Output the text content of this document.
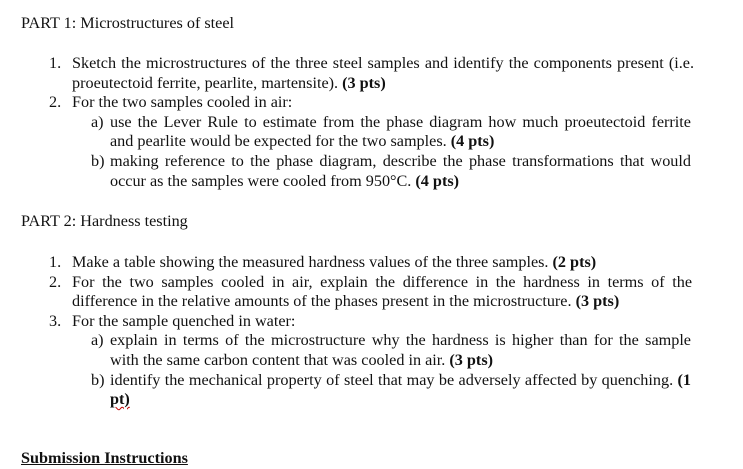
PART 1: Microstructures of steel
1. Sketch the microstructures of the three steel samples and identify the components present (i.e. proeutectoid ferrite, pearlite, martensite). (3 pts)
2. For the two samples cooled in air:
a) use the Lever Rule to estimate from the phase diagram how much proeutectoid ferrite and pearlite would be expected for the two samples. (4 pts)
b) making reference to the phase diagram, describe the phase transformations that would occur as the samples were cooled from 950°C. (4 pts)
PART 2: Hardness testing
1. Make a table showing the measured hardness values of the three samples. (2 pts)
2. For the two samples cooled in air, explain the difference in the hardness in terms of the difference in the relative amounts of the phases present in the microstructure. (3 pts)
3. For the sample quenched in water:
a) explain in terms of the microstructure why the hardness is higher than for the sample with the same carbon content that was cooled in air. (3 pts)
b) identify the mechanical property of steel that may be adversely affected by quenching. (1 pt)
Submission Instructions
